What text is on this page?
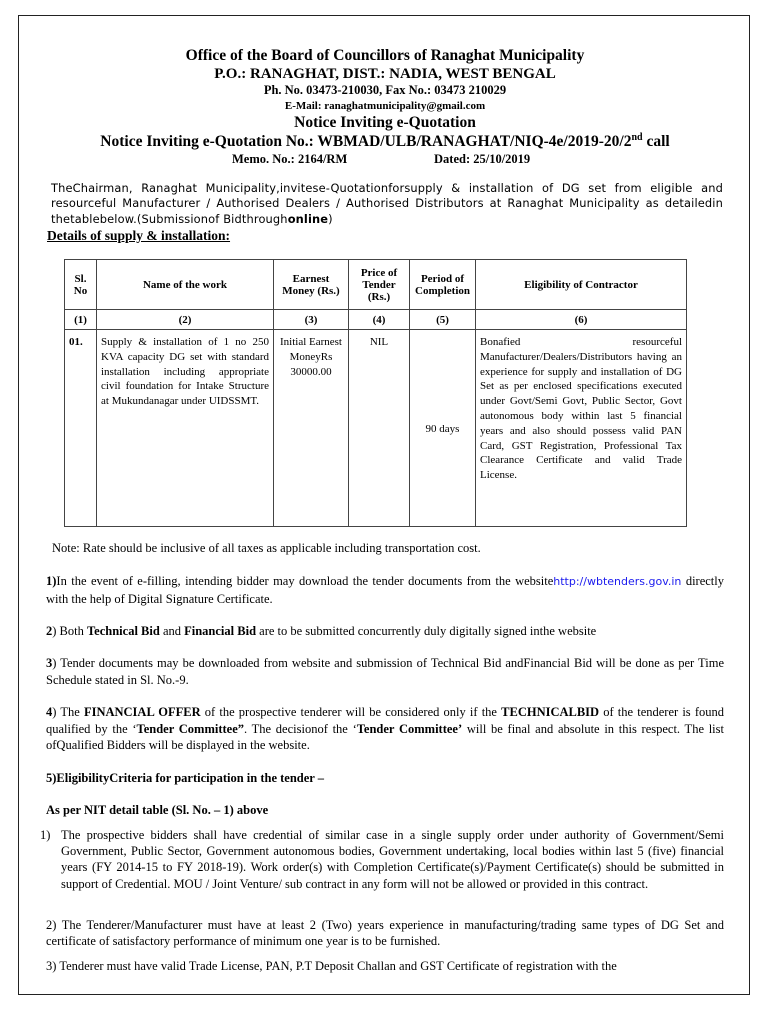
Office of the Board of Councillors of Ranaghat Municipality
P.O.: RANAGHAT, DIST.: NADIA, WEST BENGAL
Ph. No. 03473-210030, Fax No.: 03473 210029
E-Mail: ranaghatmunicipality@gmail.com
Notice Inviting e-Quotation
Notice Inviting e-Quotation No.: WBMAD/ULB/RANAGHAT/NIQ-4e/2019-20/2nd call
Memo. No.: 2164/RM	Dated: 25/10/2019
TheChairman, Ranaghat Municipality,invitese-Quotationforsupply & installation of DG set from eligible and resourceful Manufacturer / Authorised Dealers / Authorised Distributors at Ranaghat Municipality as detailedin thetablebelow.(Submissionof Bidthroughonline)
Details of supply & installation:
Sl. No	Name of the work	Earnest Money (Rs.)	Price of Tender (Rs.)	Period of Completion	Eligibility of Contractor
(1)	(2)	(3)	(4)	(5)	(6)
01.	Supply & installation of 1 no 250 KVA capacity DG set with standard installation including appropriate civil foundation for Intake Structure at Mukundanagar under UIDSSMT.	Initial Earnest MoneyRs 30000.00	NIL	90 days	Bonafied resourceful Manufacturer/Dealers/Distributors having an experience for supply and installation of DG Set as per enclosed specifications executed under Govt/Semi Govt, Public Sector, Govt autonomous body within last 5 financial years and also should possess valid PAN Card, GST Registration, Professional Tax Clearance Certificate and valid Trade License.
Note: Rate should be inclusive of all taxes as applicable including transportation cost.
1)In the event of e-filling, intending bidder may download the tender documents from the websitehttp://wbtenders.gov.in directly with the help of Digital Signature Certificate.
2) Both Technical Bid and Financial Bid are to be submitted concurrently duly digitally signed inthe website
3) Tender documents may be downloaded from website and submission of Technical Bid andFinancial Bid will be done as per Time Schedule stated in Sl. No.-9.
4) The FINANCIAL OFFER of the prospective tenderer will be considered only if the TECHNICALBID of the tenderer is found qualified by the ‘Tender Committee”. The decisionof the ‘Tender Committee’ will be final and absolute in this respect. The list ofQualified Bidders will be displayed in the website.
5)EligibilityCriteria for participation in the tender –
As per NIT detail table (Sl. No. – 1) above
1) The prospective bidders shall have credential of similar case in a single supply order under authority of Government/Semi Government, Public Sector, Government autonomous bodies, Government undertaking, local bodies within last 5 (five) financial years (FY 2014-15 to FY 2018-19). Work order(s) with Completion Certificate(s)/Payment Certificate(s) should be submitted in support of Credential. MOU / Joint Venture/ sub contract in any form will not be allowed or provided in this contract.
2) The Tenderer/Manufacturer must have at least 2 (Two) years experience in manufacturing/trading same types of DG Set and certificate of satisfactory performance of minimum one year is to be furnished.
3) Tenderer must have valid Trade License, PAN, P.T Deposit Challan and GST Certificate of registration with the
